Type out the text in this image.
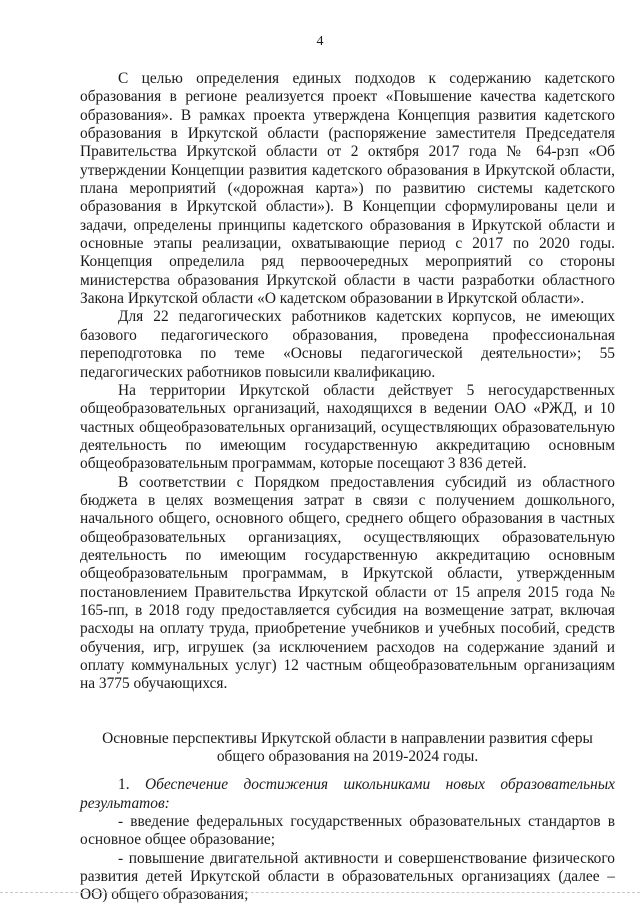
4

С целью определения единых подходов к содержанию кадетского образования в регионе реализуется проект «Повышение качества кадетского образования». В рамках проекта утверждена Концепция развития кадетского образования в Иркутской области (распоряжение заместителя Председателя Правительства Иркутской области от 2 октября 2017 года № 64-рзп «Об утверждении Концепции развития кадетского образования в Иркутской области, плана мероприятий («дорожная карта») по развитию системы кадетского образования в Иркутской области»). В Концепции сформулированы цели и задачи, определены принципы кадетского образования в Иркутской области и основные этапы реализации, охватывающие период с 2017 по 2020 годы. Концепция определила ряд первоочередных мероприятий со стороны министерства образования Иркутской области в части разработки областного Закона Иркутской области «О кадетском образовании в Иркутской области».

Для 22 педагогических работников кадетских корпусов, не имеющих базового педагогического образования, проведена профессиональная переподготовка по теме «Основы педагогической деятельности»; 55 педагогических работников повысили квалификацию.

На территории Иркутской области действует 5 негосударственных общеобразовательных организаций, находящихся в ведении ОАО «РЖД, и 10 частных общеобразовательных организаций, осуществляющих образовательную деятельность по имеющим государственную аккредитацию основным общеобразовательным программам, которые посещают 3 836 детей.

В соответствии с Порядком предоставления субсидий из областного бюджета в целях возмещения затрат в связи с получением дошкольного, начального общего, основного общего, среднего общего образования в частных общеобразовательных организациях, осуществляющих образовательную деятельность по имеющим государственную аккредитацию основным общеобразовательным программам, в Иркутской области, утвержденным постановлением Правительства Иркутской области от 15 апреля 2015 года № 165-пп, в 2018 году предоставляется субсидия на возмещение затрат, включая расходы на оплату труда, приобретение учебников и учебных пособий, средств обучения, игр, игрушек (за исключением расходов на содержание зданий и оплату коммунальных услуг) 12 частным общеобразовательным организациям на 3775 обучающихся.

Основные перспективы Иркутской области в направлении развития сферы общего образования на 2019-2024 годы.

1. Обеспечение достижения школьниками новых образовательных результатов:

- введение федеральных государственных образовательных стандартов в основное общее образование;

- повышение двигательной активности и совершенствование физического развития детей Иркутской области в образовательных организациях (далее – ОО) общего образования;
